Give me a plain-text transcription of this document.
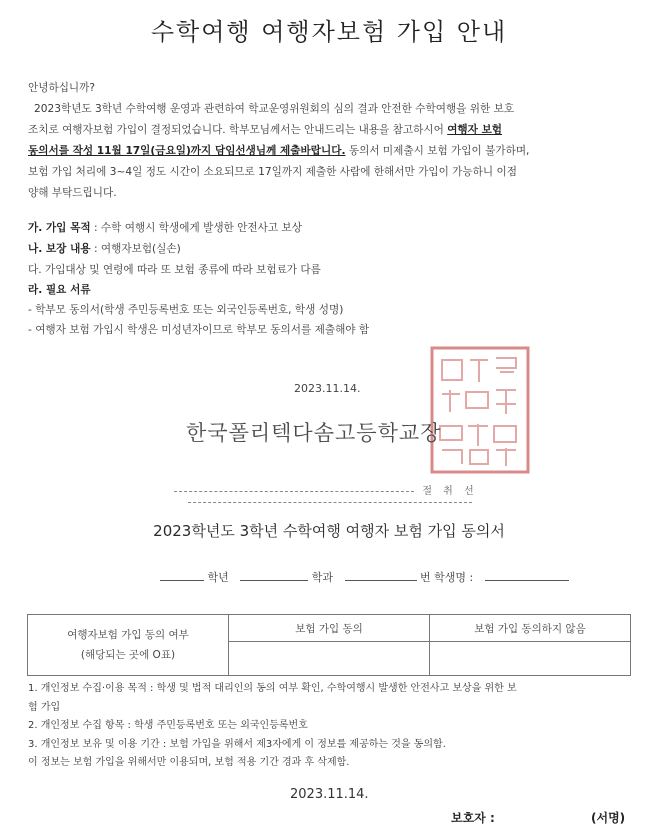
수학여행 여행자보험 가입 안내

안녕하십니까?

2023학년도 3학년 수학여행 운영과 관련하여 학교운영위원회의 심의 결과 안전한 수학여행을 위한 보호

조치로 여행자보험 가입이 결정되었습니다. 학부모님께서는 안내드리는 내용을 참고하시어 여행자 보험

동의서를 작성 11월 17일(금요일)까지 담임선생님께 제출바랍니다. 동의서 미제출시 보험 가입이 불가하며,

보험 가입 처리에 3~4일 정도 시간이 소요되므로 17일까지 제출한 사람에 한해서만 가입이 가능하니 이점

양해 부탁드립니다.

가. 가입 목적 : 수학 여행시 학생에게 발생한 안전사고 보상
나. 보장 내용 : 여행자보험(실손)
다. 가입대상 및 연령에 따라 또 보험 종류에 따라 보험료가 다름
라. 필요 서류
- 학부모 동의서(학생 주민등록번호 또는 외국인등록번호, 학생 성명)
- 여행자 보험 가입시 학생은 미성년자이므로 학부모 동의서를 제출해야 함
2023.11.14.
한국폴리텍다솜고등학교장
절 취 선
2023학년도 3학년 수학여행 여행자 보험 가입 동의서
학년	학과	번 학생명 :
여행자보험 가입 동의 여부
(해당되는 곳에 O표)	보험 가입 동의	보험 가입 동의하지 않음

1. 개인정보 수집·이용 목적 : 학생 및 법적 대리인의 동의 여부 확인, 수학여행시 발생한 안전사고 보상을 위한 보

험 가입

2. 개인정보 수집 항목 : 학생 주민등록번호 또는 외국인등록번호

3. 개인정보 보유 및 이용 기간 : 보험 가입을 위해서 제3자에게 이 정보를 제공하는 것을 동의함.

이 정보는 보험 가입을 위해서만 이용되며, 보험 적용 기간 경과 후 삭제함.

2023.11.14.
보호자 :	(서명)
